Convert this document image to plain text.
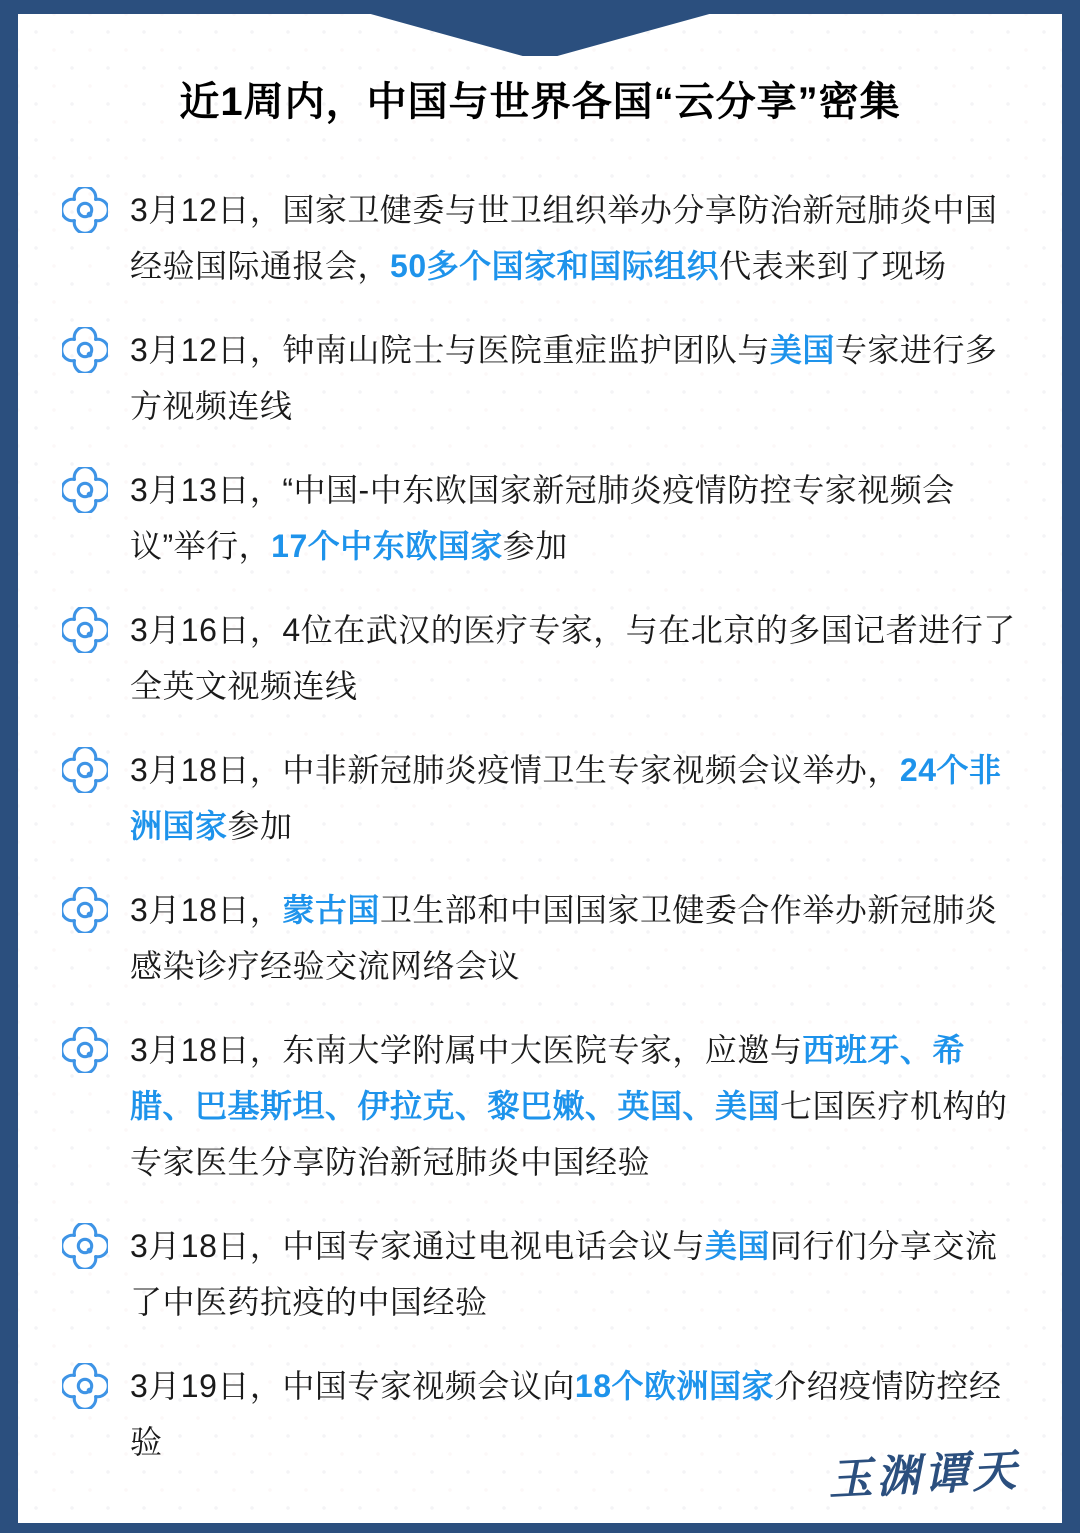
近1周内，中国与世界各国“云分享”密集

3月12日，国家卫健委与世卫组织举办分享防治新冠肺炎中国经验国际通报会，50多个国家和国际组织代表来到了现场

3月12日，钟南山院士与医院重症监护团队与美国专家进行多方视频连线

3月13日，“中国-中东欧国家新冠肺炎疫情防控专家视频会议”举行，17个中东欧国家参加

3月16日，4位在武汉的医疗专家，与在北京的多国记者进行了全英文视频连线

3月18日，中非新冠肺炎疫情卫生专家视频会议举办，24个非洲国家参加

3月18日，蒙古国卫生部和中国国家卫健委合作举办新冠肺炎感染诊疗经验交流网络会议

3月18日，东南大学附属中大医院专家，应邀与西班牙、希腊、巴基斯坦、伊拉克、黎巴嫩、英国、美国七国医疗机构的专家医生分享防治新冠肺炎中国经验

3月18日，中国专家通过电视电话会议与美国同行们分享交流了中医药抗疫的中国经验

3月19日，中国专家视频会议向18个欧洲国家介绍疫情防控经验

玉渊谭天
